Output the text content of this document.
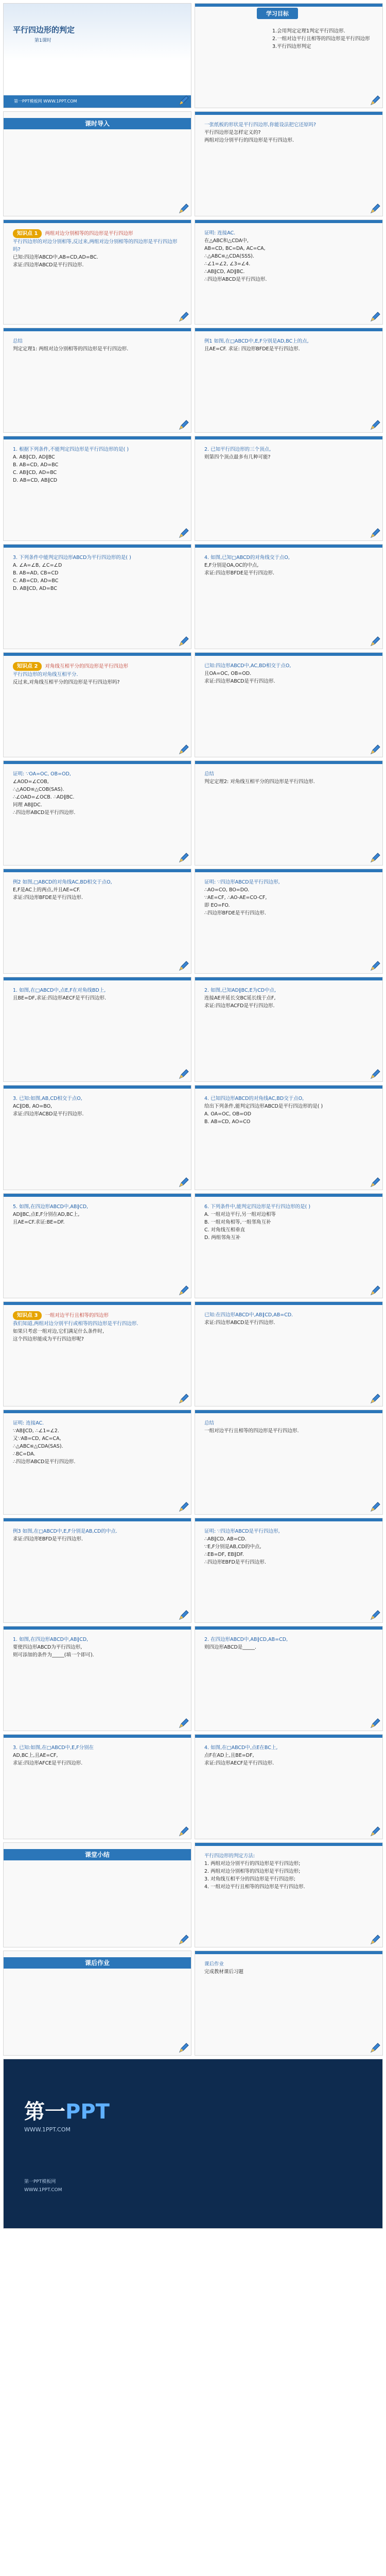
平行四边形的判定
第1课时
第一PPT模板网 WWW.1PPT.COM
学习目标
1.会用判定定理1判定平行四边形.
2.一组对边平行且相等的四边形是平行四边形
3.平行四边形判定
课时导入	一张纸板的形状是平行四边形,你能设法把它还原吗?
平行四边形是怎样定义的?
两组对边分别平行的四边形是平行四边形.
知识点 1 两组对边分别相等的四边形是平行四边形
平行四边形的对边分别相等,反过来,两组对边分别相等的四边形是平行四边形吗?
已知:四边形ABCD中,AB=CD,AD=BC.
求证:四边形ABCD是平行四边形.
证明: 连接AC.
在△ABC和△CDA中,
AB=CD, BC=DA, AC=CA,
∴△ABC≌△CDA(SSS).
∴∠1=∠2, ∠3=∠4.
∴AB∥CD, AD∥BC.
∴四边形ABCD是平行四边形.
总结
判定定理1: 两组对边分别相等的四边形是平行四边形.
例1 如图,在□ABCD中,E,F分别是AD,BC上的点,
且AE=CF. 求证: 四边形BFDE是平行四边形.
1. 根据下列条件,不能判定四边形是平行四边形的是( )
A. AB∥CD, AD∥BC
B. AB=CD, AD=BC
C. AB∥CD, AD=BC
D. AB=CD, AB∥CD
2. 已知平行四边形的三个顶点,
则第四个顶点最多有几种可能?
3. 下列条件中能判定四边形ABCD为平行四边形的是( )
A. ∠A=∠B, ∠C=∠D
B. AB=AD, CB=CD
C. AB=CD, AD=BC
D. AB∥CD, AD=BC
4. 如图,已知□ABCD的对角线交于点O,
E,F分别是OA,OC的中点,
求证:四边形BFDE是平行四边形.
知识点 2 对角线互相平分的四边形是平行四边形
平行四边形的对角线互相平分.
反过来,对角线互相平分的四边形是平行四边形吗?
已知:四边形ABCD中,AC,BD相交于点O,
且OA=OC, OB=OD.
求证:四边形ABCD是平行四边形.
证明: ∵OA=OC, OB=OD,
∠AOD=∠COB,
∴△AOD≌△COB(SAS).
∴∠OAD=∠OCB. ∴AD∥BC.
同理 AB∥DC.
∴四边形ABCD是平行四边形.
总结
判定定理2: 对角线互相平分的四边形是平行四边形.
例2 如图,□ABCD的对角线AC,BD相交于点O,
E,F是AC上的两点,并且AE=CF.
求证:四边形BFDE是平行四边形.
证明: ∵四边形ABCD是平行四边形,
∴AO=CO, BO=DO.
∵AE=CF, ∴AO-AE=CO-CF,
即 EO=FO.
∴四边形BFDE是平行四边形.
1. 如图,在□ABCD中,点E,F在对角线BD上,
且BE=DF,求证:四边形AECF是平行四边形.
2. 如图,已知AD∥BC,E为CD中点,
连接AE并延长交BC延长线于点F,
求证:四边形ACFD是平行四边形.
3. 已知:如图,AB,CD相交于点O,
AC∥DB, AO=BO,
求证:四边形ACBD是平行四边形.
4. 已知四边形ABCD的对角线AC,BD交于点O,
给出下列条件,能判定四边形ABCD是平行四边形的是( )
A. OA=OC, OB=OD
B. AB=CD, AO=CO
5. 如图,在四边形ABCD中,AB∥CD,
AD∥BC,点E,F分别在AD,BC上,
且AE=CF.求证:BE=DF.
6. 下列条件中,能判定四边形是平行四边形的是( )
A. 一组对边平行,另一组对边相等
B. 一组对角相等,一组邻角互补
C. 对角线互相垂直
D. 两组邻角互补
知识点 3 一组对边平行且相等的四边形
我们知道,两组对边分别平行或相等的四边形是平行四边形.
如果只考虑一组对边,它们满足什么条件时,
这个四边形能成为平行四边形呢?
已知:在四边形ABCD中,AB∥CD,AB=CD.
求证:四边形ABCD是平行四边形.
证明: 连接AC.
∵AB∥CD, ∴∠1=∠2.
又∵AB=CD, AC=CA,
∴△ABC≌△CDA(SAS).
∴BC=DA.
∴四边形ABCD是平行四边形.
总结
一组对边平行且相等的四边形是平行四边形.
例3 如图,在□ABCD中,E,F分别是AB,CD的中点.
求证:四边形EBFD是平行四边形.
证明: ∵四边形ABCD是平行四边形,
∴AB∥CD, AB=CD.
∵E,F分别是AB,CD的中点,
∴EB=DF, EB∥DF.
∴四边形EBFD是平行四边形.
1. 如图,在四边形ABCD中,AB∥CD,
要使四边形ABCD为平行四边形,
则可添加的条件为_____(填一个即可).
2. 在四边形ABCD中,AB∥CD,AB=CD,
则四边形ABCD是_____.
3. 已知:如图,在□ABCD中,E,F分别在
AD,BC上,且AE=CF,
求证:四边形AFCE是平行四边形.
4. 如图,在□ABCD中,点E在BC上,
点F在AD上,且BE=DF,
求证:四边形AECF是平行四边形.
课堂小结	平行四边形的判定方法:
1. 两组对边分别平行的四边形是平行四边形;
2. 两组对边分别相等的四边形是平行四边形;
3. 对角线互相平分的四边形是平行四边形;
4. 一组对边平行且相等的四边形是平行四边形.
课后作业	课后作业
完成教材课后习题
第一PPT
WWW.1PPT.COM
第一PPT模板网
WWW.1PPT.COM
